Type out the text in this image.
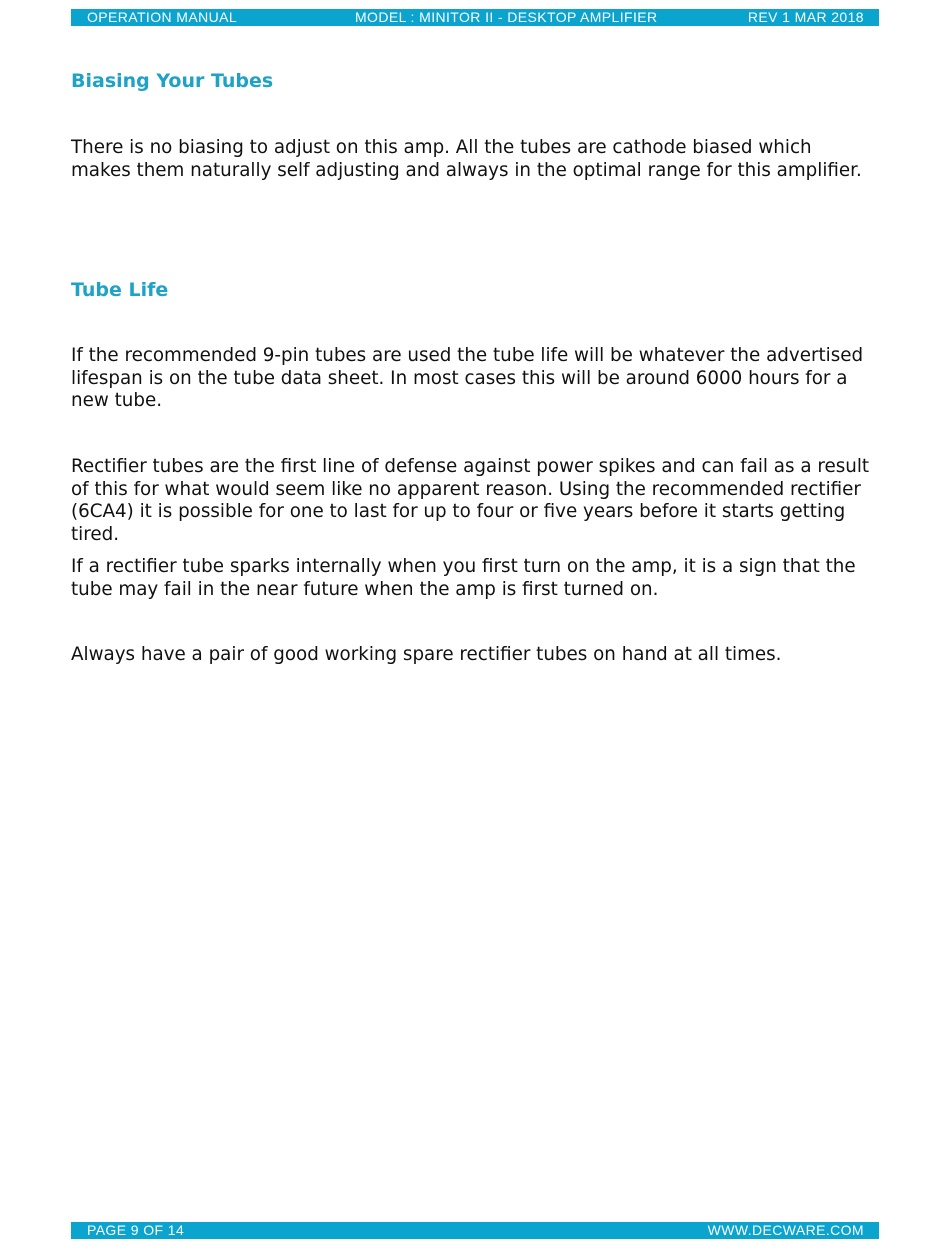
OPERATION MANUAL	MODEL : MINITOR II - DESKTOP AMPLIFIER	REV 1 MAR 2018
Biasing Your Tubes

There is no biasing to adjust on this amp. All the tubes are cathode biased which makes them naturally self adjusting and always in the optimal range for this amplifier.

Tube Life

If the recommended 9-pin tubes are used the tube life will be whatever the advertised lifespan is on the tube data sheet. In most cases this will be around 6000 hours for a new tube.

Rectifier tubes are the first line of defense against power spikes and can fail as a result of this for what would seem like no apparent reason. Using the recommended rectifier (6CA4) it is possible for one to last for up to four or five years before it starts getting tired.

If a rectifier tube sparks internally when you first turn on the amp, it is a sign that the tube may fail in the near future when the amp is first turned on.

Always have a pair of good working spare rectifier tubes on hand at all times.

PAGE 9 OF 14	WWW.DECWARE.COM
